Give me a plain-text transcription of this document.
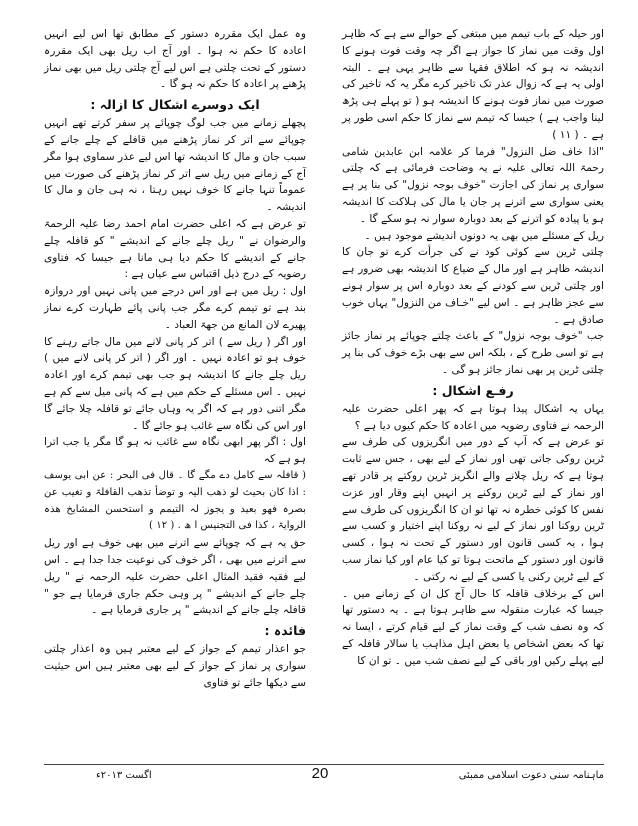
اور حیلہ کے باب تیمم میں مبتغی کے حوالے سے ہے کہ ظاہر اول وقت میں نماز کا جواز ہے اگر چہ وقت فوت ہونے کا اندیشہ نہ ہو کہ اطلاق فقہا سے ظاہر یہی ہے ۔ البتہ اولی یہ ہے کہ زوال عذر تک تاخیر کرے مگر یہ کہ تاخیر کی صورت میں نماز فوت ہونے کا اندیشہ ہو ( تو پہلے ہی پڑھ لینا واجب ہے ) جیسا کہ تیمم سے نماز کا حکم اسی طور پر ہے ۔ ( ۱۱ )

"اذا خاف ضل النزول" فرما کر علامہ ابن عابدین شامی رحمۃ اللہ تعالی علیہ نے یہ وضاحت فرمائی ہے کہ چلتی سواری پر نماز کی اجازت "خوف بوجہ نزول" کی بنا پر ہے یعنی سواری سے اترنے پر جان یا مال کی ہلاکت کا اندیشہ ہو یا پیادہ کو اترنے کے بعد دوبارہ سوار نہ ہو سکے گا ۔

ریل کے مسئلے میں بھی یہ دونوں اندیشے موجود ہیں ۔

چلتی ٹرین سے کوئی کود نے کی جرأت کرے تو جان کا اندیشہ ظاہر ہے اور مال کے ضیاع کا اندیشہ بھی ضرور ہے اور چلتی ٹرین سے کودنے کے بعد دوبارہ اس پر سوار ہونے سے عجز ظاہر ہے ۔ اس لیے "خـاف من النزول" یہاں خوب صادق ہے ۔

جب "خوف بوجہ نزول" کے باعث چلتے چوپائے پر نماز جائز ہے تو اسی طرح کے ، بلکہ اس سے بھی بڑے خوف کی بنا پر چلتی ٹرین پر بھی نماز جائز ہو گی ۔

رفـع اشکال :

یہاں یہ اشکال پیدا ہوتا ہے کہ پھر اعلی حضرت علیہ الرحمہ نے فتاوی رضویہ میں اعادہ کا حکم کیوں دیا ہے ؟

تو عرض ہے کہ آپ کے دور میں انگریزوں کی طرف سے ٹرین روکی جاتی تھی اور نماز کے لیے بھی ، جس سے ثابت ہوتا ہے کہ ریل چلانے والے انگریز ٹرین روکتے پر قادر تھے اور نماز کے لیے ٹرین روکنے پر انہیں اپنے وقار اور عزت نفس کا کوئی خطرہ نہ تھا تو ان کا انگریزوں کی طرف سے ٹرین روکنا اور نماز کے لیے نہ روکنا اپنے اختیار و کسب سے ہوا ، یہ کسی قانون اور دستور کے تحت نہ ہوا ، کسی قانون اور دستور کے ماتحت ہوتا تو کیا عام اور کیا نماز سب کے لیے ٹرین رکنی یا کسی کے لیے نہ رکتی ۔

اس کے برخلاف قافلہ کا حال آج کل ان کے زمانے میں ۔ جیسا کہ عبارت منقولہ سے ظاہر ہوتا ہے ۔ یہ دستور تھا کہ وہ نصف شب کے وقت نماز کے لیے قیام کرتے ، ایسا نہ تھا کہ بعض اشخاص یا بعض اہل مذاہب یا سالار قافلہ کے لیے پہلے رکیں اور باقی کے لیے نصف شب میں ۔ تو ان کا

وہ عمل ایک مقررہ دستور کے مطابق تھا اس لیے انہیں اعادہ کا حکم نہ ہوا ۔ اور آج اب ریل بھی ایک مقررہ دستور کے تحت چلتی ہے اس لیے آج چلتی ریل میں بھی نماز پڑھنے پر اعادہ کا حکم نہ ہو گا ۔

ایک دوسرے اشکال کا ازالہ :

پچھلے زمانے میں جب لوگ چوپائے پر سفر کرتے تھے انہیں چوپائے سے اتر کر نماز پڑھنے میں قافلے کے چلے جانے کے سبب جان و مال کا اندیشہ تھا اس لیے عذر سماوی ہوا مگر آج کے زمانے میں ریل سے اتر کر نماز پڑھنے کی صورت میں عموماً تنہا جانے کا خوف نہیں رہتا ، نہ ہی جان و مال کا اندیشہ ۔

تو عرض ہے کہ اعلی حضرت امام احمد رضا علیہ الرحمۃ والرضوان نے " ریل چلے جانے کے اندیشے " کو قافلہ چلے جانے کے اندیشے کا حکم دیا ہی مانا ہے جیسا کہ فتاوی رضویہ کے درج ذیل اقتباس سے عیاں ہے :

اول : ریل میں ہے اور اس درجے میں پانی نہیں اور دروازہ بند ہے تو تیمم کرے مگر جب پانی پائے طہارت کرے نماز پھیرے لان المانع من جھۃ العباد ۔

اور اگر ( ریل سے ) اتر کر پانی لانے میں مال جاتے رہنے کا خوف ہو تو اعادہ نہیں ۔ اور اگر ( اتر کر پانی لانے میں ) ریل چلے جانے کا اندیشہ ہو جب بھی تیمم کرے اور اعادہ نہیں ۔ اس مسئلے کے حکم میں ہے کہ پانی میل سے کم ہے مگر اتنی دور ہے کہ اگر یہ وہاں جائے تو قافلہ چلا جائے گا اور اس کی نگاہ سے غائب ہو جائے گا ۔

اول : اگر پھر ابھی نگاہ سے غائب نہ ہو گا مگر یا جب اترا ہو ہے کہ

( قافلہ سے کامل دے مگے گا ۔ قال فی البحر : عن ابی یوسف : اذا کان بحیث لو ذھب الیہ و توضأ تذھب القافلۃ و تغیب عن بصرہ فھو بعید و یجوز لہ التیمم و استحسن المشایخ ھذہ الروایۃ ، کذا فی التجنیس ا ھ . ( ۱۲ )

حق یہ ہے کہ چوپائے سے اترنے میں بھی خوف ہے اور ریل سے اترنے میں بھی ، اگر خوف کی نوعیت جدا جدا ہے ۔ اس لیے فقیہ فقید المثال اعلی حضرت علیہ الرحمہ نے " ریل چلے جانے کے اندیشے " پر وہی حکم جاری فرمایا ہے جو " قافلہ چلے جانے کے اندیشے " پر جاری فرمایا ہے ۔

فائدہ :

جو اعذار تیمم کے جواز کے لیے معتبر ہیں وہ اعذار چلتی سواری پر نماز کے جواز کے لیے بھی معتبر ہیں اس حیثیت سے دیکھا جائے تو فتاوی

ماہنامہ سنی دعوت اسلامی ممبئی
20
اگست ۲۰۱۳ء
